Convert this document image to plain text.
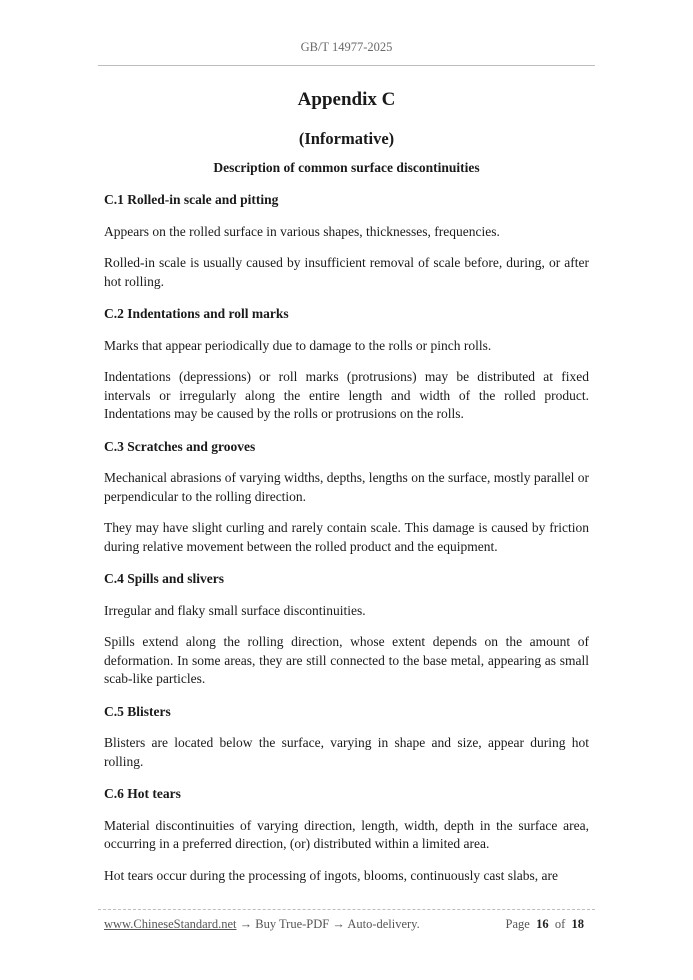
GB/T 14977-2025

Appendix C

(Informative)

Description of common surface discontinuities

C.1 Rolled-in scale and pitting

Appears on the rolled surface in various shapes, thicknesses, frequencies.

Rolled-in scale is usually caused by insufficient removal of scale before, during, or after hot rolling.

C.2 Indentations and roll marks

Marks that appear periodically due to damage to the rolls or pinch rolls.

Indentations (depressions) or roll marks (protrusions) may be distributed at fixed intervals or irregularly along the entire length and width of the rolled product. Indentations may be caused by the rolls or protrusions on the rolls.

C.3 Scratches and grooves

Mechanical abrasions of varying widths, depths, lengths on the surface, mostly parallel or perpendicular to the rolling direction.

They may have slight curling and rarely contain scale. This damage is caused by friction during relative movement between the rolled product and the equipment.

C.4 Spills and slivers

Irregular and flaky small surface discontinuities.

Spills extend along the rolling direction, whose extent depends on the amount of deformation. In some areas, they are still connected to the base metal, appearing as small scab-like particles.

C.5 Blisters

Blisters are located below the surface, varying in shape and size, appear during hot rolling.

C.6 Hot tears

Material discontinuities of varying direction, length, width, depth in the surface area, occurring in a preferred direction, (or) distributed within a limited area.

Hot tears occur during the processing of ingots, blooms, continuously cast slabs, are

www.ChineseStandard.net → Buy True-PDF → Auto-delivery.	Page 16 of 18
